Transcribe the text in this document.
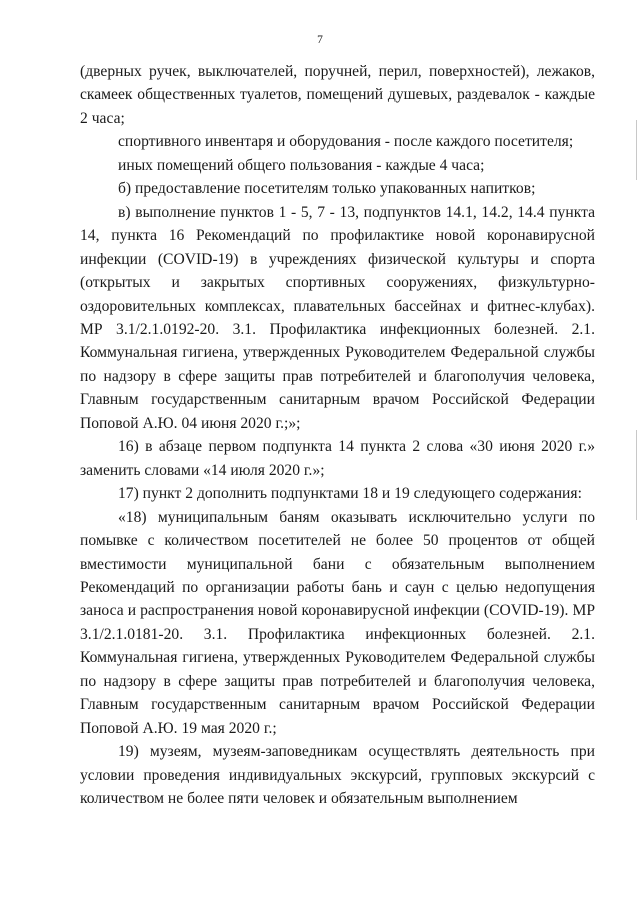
7

(дверных ручек, выключателей, поручней, перил, поверхностей), лежаков, скамеек общественных туалетов, помещений душевых, раздевалок - каждые 2 часа;

спортивного инвентаря и оборудования - после каждого посетителя;

иных помещений общего пользования - каждые 4 часа;

б) предоставление посетителям только упакованных напитков;

в) выполнение пунктов 1 - 5, 7 - 13, подпунктов 14.1, 14.2, 14.4 пункта 14, пункта 16 Рекомендаций по профилактике новой коронавирусной инфекции (COVID-19) в учреждениях физической культуры и спорта (открытых и закрытых спортивных сооружениях, физкультурно-оздоровительных комплексах, плавательных бассейнах и фитнес-клубах). МР 3.1/2.1.0192-20. 3.1. Профилактика инфекционных болезней. 2.1. Коммунальная гигиена, утвержденных Руководителем Федеральной службы по надзору в сфере защиты прав потребителей и благополучия человека, Главным государственным санитарным врачом Российской Федерации Поповой А.Ю. 04 июня 2020 г.;»;

16) в абзаце первом подпункта 14 пункта 2 слова «30 июня 2020 г.» заменить словами «14 июля 2020 г.»;

17) пункт 2 дополнить подпунктами 18 и 19 следующего содержания:

«18) муниципальным баням оказывать исключительно услуги по помывке с количеством посетителей не более 50 процентов от общей вместимости муниципальной бани с обязательным выполнением Рекомендаций по организации работы бань и саун с целью недопущения заноса и распространения новой коронавирусной инфекции (COVID-19). МР 3.1/2.1.0181-20. 3.1. Профилактика инфекционных болезней. 2.1. Коммунальная гигиена, утвержденных Руководителем Федеральной службы по надзору в сфере защиты прав потребителей и благополучия человека, Главным государственным санитарным врачом Российской Федерации Поповой А.Ю. 19 мая 2020 г.;

19) музеям, музеям-заповедникам осуществлять деятельность при условии проведения индивидуальных экскурсий, групповых экскурсий с количеством не более пяти человек и обязательным выполнением
